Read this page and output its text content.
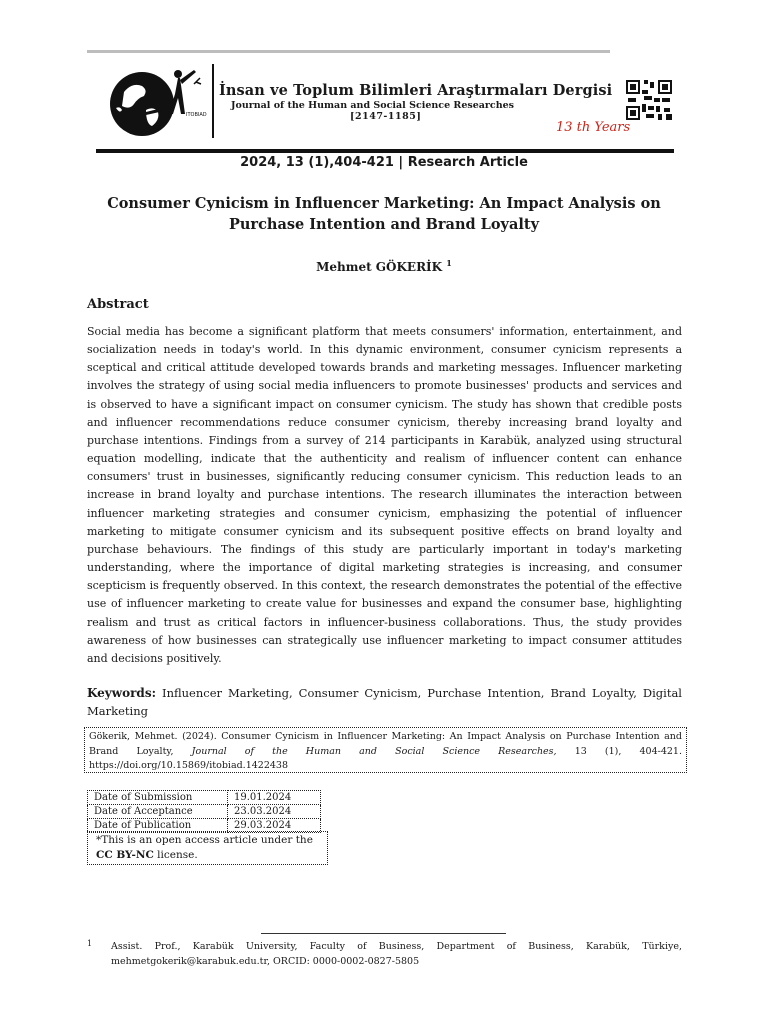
ITOBIAD
İnsan ve Toplum Bilimleri Araştırmaları Dergisi
Journal of the Human and Social Science Researches
[2147-1185]
13 th Years
2024, 13 (1),404-421 | Research Article
Consumer Cynicism in Influencer Marketing: An Impact Analysis on
Purchase Intention and Brand Loyalty
Mehmet GÖKERİK $^1$
Abstract

Social media has become a significant platform that meets consumers' information, entertainment, and socialization needs in today's world. In this dynamic environment, consumer cynicism represents a sceptical and critical attitude developed towards brands and marketing messages. Influencer marketing involves the strategy of using social media influencers to promote businesses' products and services and is observed to have a significant impact on consumer cynicism. The study has shown that credible posts and influencer recommendations reduce consumer cynicism, thereby increasing brand loyalty and purchase intentions. Findings from a survey of 214 participants in Karabük, analyzed using structural equation modelling, indicate that the authenticity and realism of influencer content can enhance consumers' trust in businesses, significantly reducing consumer cynicism. This reduction leads to an increase in brand loyalty and purchase intentions. The research illuminates the interaction between influencer marketing strategies and consumer cynicism, emphasizing the potential of influencer marketing to mitigate consumer cynicism and its subsequent positive effects on brand loyalty and purchase behaviours. The findings of this study are particularly important in today's marketing understanding, where the importance of digital marketing strategies is increasing, and consumer scepticism is frequently observed. In this context, the research demonstrates the potential of the effective use of influencer marketing to create value for businesses and expand the consumer base, highlighting realism and trust as critical factors in influencer-business collaborations. Thus, the study provides awareness of how businesses can strategically use influencer marketing to impact consumer attitudes and decisions positively.

Keywords: Influencer Marketing, Consumer Cynicism, Purchase Intention, Brand Loyalty, Digital Marketing

Gökerik, Mehmet. (2024). Consumer Cynicism in Influencer Marketing: An Impact Analysis on Purchase Intention and Brand Loyalty, Journal of the Human and Social Science Researches, 13 (1), 404-421. https://doi.org/10.15869/itobiad.1422438
Date of Submission	19.01.2024
Date of Acceptance	23.03.2024
Date of Publication	29.03.2024
*This is an open access article under the CC BY-NC license.
1	Assist. Prof., Karabük University, Faculty of Business, Department of Business, Karabük, Türkiye, mehmetgokerik@karabuk.edu.tr, ORCID: 0000-0002-0827-5805
